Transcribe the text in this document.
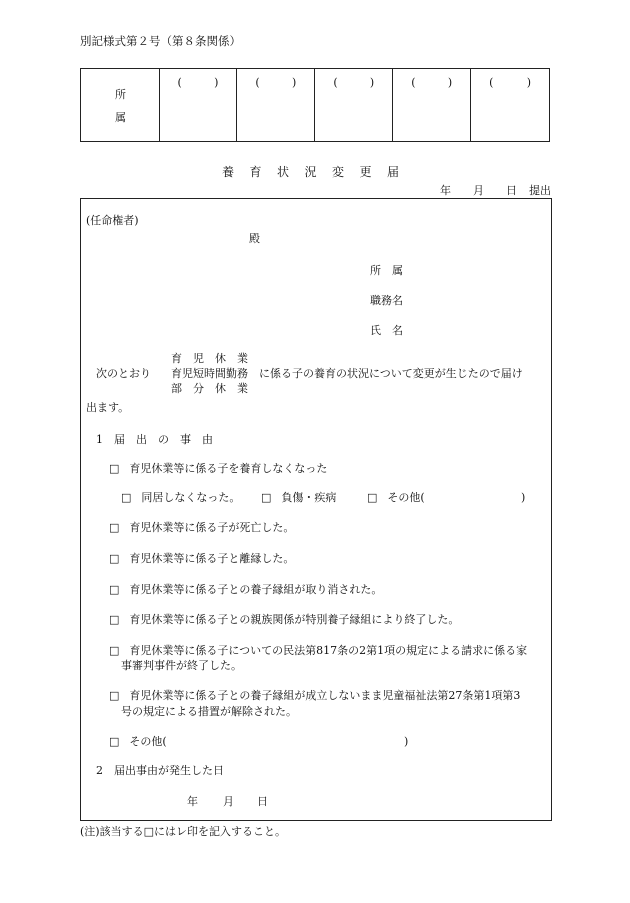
別記様式第２号（第８条関係）
所
属
(	)	(	)	(	)	(	)	(	)
養育状況変更届
年 月 日 提出
(任命権者)
殿
所　属
職務名
氏　名
育　児　休　業
育児短時間勤務
部　分　休　業
次のとおり	に係る子の養育の状況について変更が生じたので届け
出ます。
1　届　出　の　事　由
□ 育児休業等に係る子を養育しなくなった
□ 同居しなくなった。 □ 負傷・疾病	□ その他(	)
□ 育児休業等に係る子が死亡した。
□ 育児休業等に係る子と離縁した。
□ 育児休業等に係る子との養子縁組が取り消された。
□ 育児休業等に係る子との親族関係が特別養子縁組により終了した。
□ 育児休業等に係る子についての民法第817条の2第1項の規定による請求に係る家
事審判事件が終了した。
□ 育児休業等に係る子との養子縁組が成立しないまま児童福祉法第27条第1項第3
号の規定による措置が解除された。
□ その他(	)
2　届出事由が発生した日
年 月 日
(注)該当する□にはレ印を記入すること。
